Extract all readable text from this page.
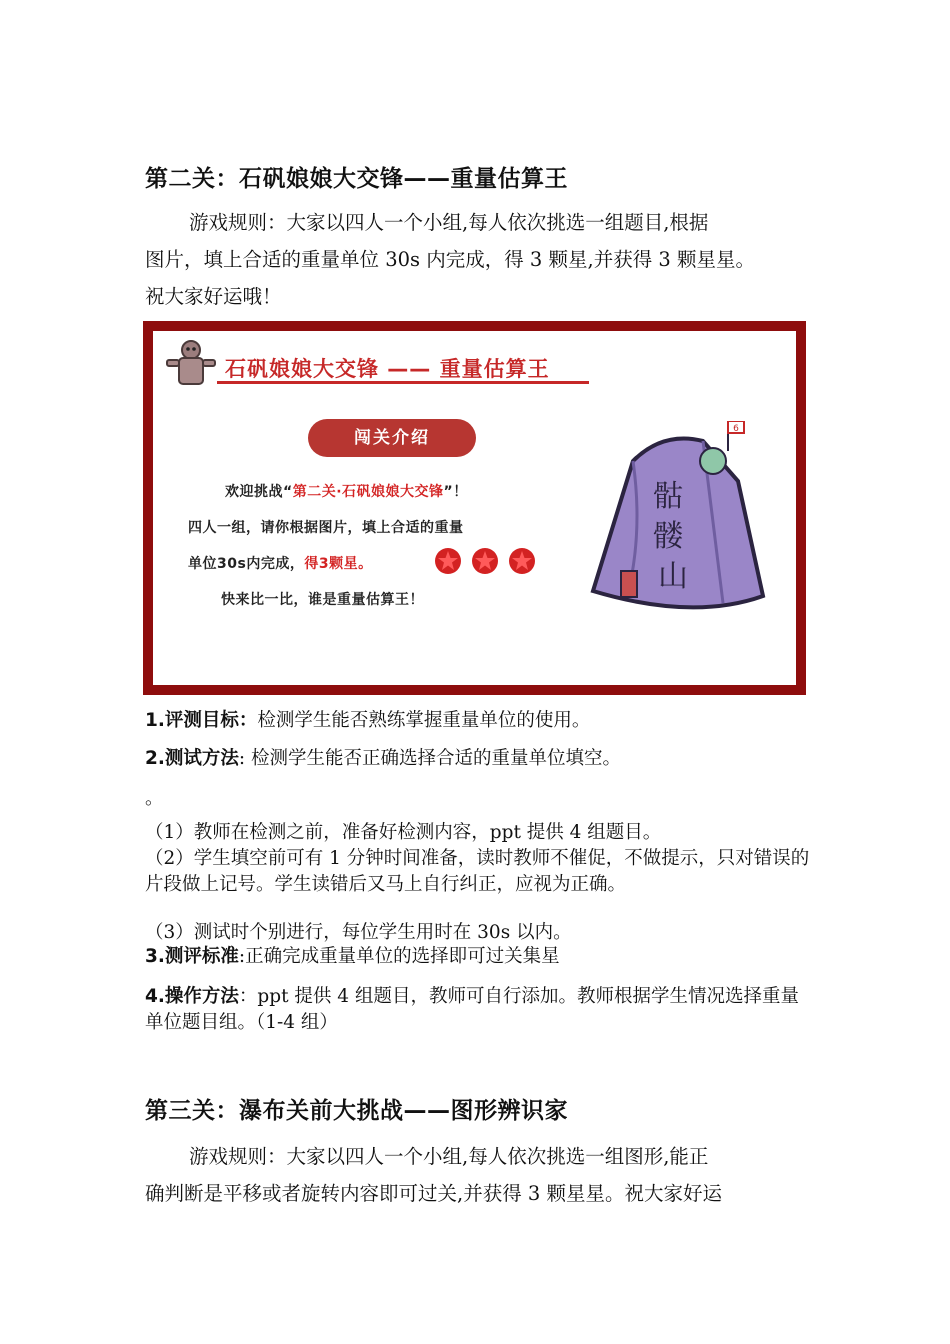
第二关：石矾娘娘大交锋——重量估算王
游戏规则：大家以四人一个小组,每人依次挑选一组题目,根据
图片，填上合适的重量单位 30s 内完成，得 3 颗星,并获得 3 颗星星。
祝大家好运哦！
石矾娘娘大交锋 —— 重量估算王
闯关介绍
欢迎挑战“第二关·石矾娘娘大交锋”！
四人一组，请你根据图片，填上合适的重量
单位30s内完成，得3颗星。
快来比一比，谁是重量估算王！
6
骷
髅
山
1.评测目标：检测学生能否熟练掌握重量单位的使用。
2.测试方法: 检测学生能否正确选择合适的重量单位填空。
。
（1）教师在检测之前，准备好检测内容，ppt 提供 4 组题目。
（2）学生填空前可有 1 分钟时间准备，读时教师不催促，不做提示，只对错误的片段做上记号。学生读错后又马上自行纠正，应视为正确。
（3）测试时个别进行，每位学生用时在 30s 以内。
3.测评标准:正确完成重量单位的选择即可过关集星
4.操作方法：ppt 提供 4 组题目，教师可自行添加。教师根据学生情况选择重量单位题目组。（1-4 组）
第三关：瀑布关前大挑战——图形辨识家
游戏规则：大家以四人一个小组,每人依次挑选一组图形,能正
确判断是平移或者旋转内容即可过关,并获得 3 颗星星。祝大家好运
